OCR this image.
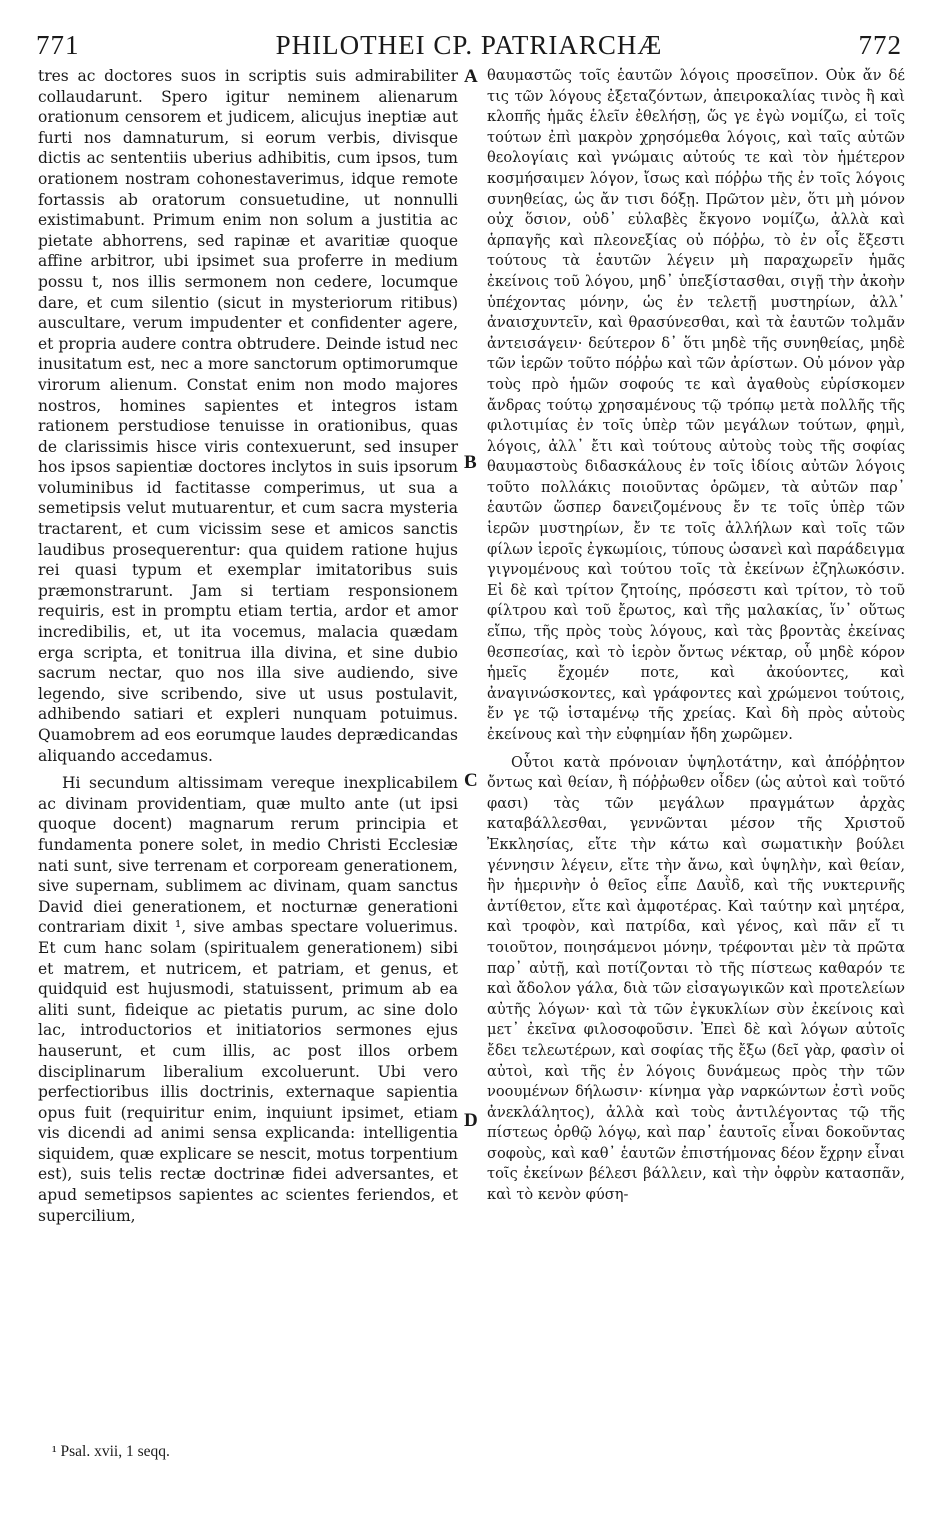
771	PHILOTHEI CP. PATRIARCHÆ	772

tres ac doctores suos in scriptis suis admirabiliter collaudarunt. Spero igitur neminem alienarum orationum censorem et judicem, alicujus ineptiæ aut furti nos damnaturum, si eorum verbis, divisque dictis ac sententiis uberius adhibitis, cum ipsos, tum orationem nostram cohonestaverimus, idque remote fortassis ab oratorum consuetudine, ut nonnulli existimabunt. Primum enim non solum a justitia ac pietate abhorrens, sed rapinæ et avaritiæ quoque affine arbitror, ubi ipsimet sua proferre in medium possu t, nos illis sermonem non cedere, locumque dare, et cum silentio (sicut in mysteriorum ritibus) auscultare, verum impudenter et confidenter agere, et propria audere contra obtrudere. Deinde istud nec inusitatum est, nec a more sanctorum optimorumque virorum alienum. Constat enim non modo majores nostros, homines sapientes et integros istam rationem perstudiose tenuisse in orationibus, quas de clarissimis hisce viris contexuerunt, sed insuper hos ipsos sapientiæ doctores inclytos in suis ipsorum voluminibus id factitasse comperimus, ut sua a semetipsis velut mutuarentur, et cum sacra mysteria tractarent, et cum vicissim sese et amicos sanctis laudibus prosequerentur: qua quidem ratione hujus rei quasi typum et exemplar imitatoribus suis præmonstrarunt. Jam si tertiam responsionem requiris, est in promptu etiam tertia, ardor et amor incredibilis, et, ut ita vocemus, malacia quædam erga scripta, et tonitrua illa divina, et sine dubio sacrum nectar, quo nos illa sive audiendo, sive legendo, sive scribendo, sive ut usus postulavit, adhibendo satiari et expleri nunquam potuimus. Quamobrem ad eos eorumque laudes deprædicandas aliquando accedamus.

Hi secundum altissimam vereque inexplicabilem ac divinam providentiam, quæ multo ante (ut ipsi quoque docent) magnarum rerum principia et fundamenta ponere solet, in medio Christi Ecclesiæ nati sunt, sive terrenam et corpoream generationem, sive supernam, sublimem ac divinam, quam sanctus David diei generationem, et nocturnæ generationi contrariam dixit ¹, sive ambas spectare voluerimus. Et cum hanc solam (spiritualem generationem) sibi et matrem, et nutricem, et patriam, et genus, et quidquid est hujusmodi, statuissent, primum ab ea aliti sunt, fideique ac pietatis purum, ac sine dolo lac, introductorios et initiatorios sermones ejus hauserunt, et cum illis, ac post illos orbem disciplinarum liberalium excoluerunt. Ubi vero perfectioribus illis doctrinis, externaque sapientia opus fuit (requiritur enim, inquiunt ipsimet, etiam vis dicendi ad animi sensa explicanda: intelligentia siquidem, quæ explicare se nescit, motus torpentium est), suis telis rectæ doctrinæ fidei adversantes, et apud semetipsos sapientes ac scientes feriendos, et supercilium,

A
B
C
D

θαυμαστῶς τοῖς ἑαυτῶν λόγοις προσεῖπον. Οὐκ ἄν δέ τις τῶν λόγους ἐξεταζόντων, ἀπειροκαλίας τινὸς ἢ καὶ κλοπῆς ἡμᾶς ἑλεῖν ἐθελήσῃ, ὥς γε ἐγὼ νομίζω, εἰ τοῖς τούτων ἐπὶ μακρὸν χρησόμεθα λόγοις, καὶ ταῖς αὐτῶν θεολογίαις καὶ γνώμαις αὐτούς τε καὶ τὸν ἡμέτερον κοσμήσαιμεν λόγον, ἴσως καὶ πόῤῥω τῆς ἐν τοῖς λόγοις συνηθείας, ὡς ἄν τισι δόξῃ. Πρῶτον μὲν, ὅτι μὴ μόνον οὐχ ὅσιον, οὐδ᾿ εὐλαβὲς ἔκγονο νομίζω, ἀλλὰ καὶ ἁρπαγῆς καὶ πλεονεξίας οὐ πόῤῥω, τὸ ἐν οἷς ἔξεστι τούτους τὰ ἑαυτῶν λέγειν μὴ παραχωρεῖν ἡμᾶς ἐκείνοις τοῦ λόγου, μηδ᾿ ὑπεξίστασθαι, σιγῇ τὴν ἀκοὴν ὑπέχοντας μόνην, ὡς ἐν τελετῇ μυστηρίων, ἀλλ᾿ ἀναισχυντεῖν, καὶ θρασύνεσθαι, καὶ τὰ ἑαυτῶν τολμᾶν ἀντεισάγειν· δεύτερον δ᾿ ὅτι μηδὲ τῆς συνηθείας, μηδὲ τῶν ἱερῶν τοῦτο πόῤῥω καὶ τῶν ἀρίστων. Οὐ μόνον γὰρ τοὺς πρὸ ἡμῶν σοφούς τε καὶ ἀγαθοὺς εὑρίσκομεν ἄνδρας τούτῳ χρησαμένους τῷ τρόπῳ μετὰ πολλῆς τῆς φιλοτιμίας ἐν τοῖς ὑπὲρ τῶν μεγάλων τούτων, φημὶ, λόγοις, ἀλλ᾿ ἔτι καὶ τούτους αὐτοὺς τοὺς τῆς σοφίας θαυμαστοὺς διδασκάλους ἐν τοῖς ἰδίοις αὐτῶν λόγοις τοῦτο πολλάκις ποιοῦντας ὁρῶμεν, τὰ αὐτῶν παρ᾿ ἑαυτῶν ὥσπερ δανειζομένους ἔν τε τοῖς ὑπὲρ τῶν ἱερῶν μυστηρίων, ἔν τε τοῖς ἀλλήλων καὶ τοῖς τῶν φίλων ἱεροῖς ἐγκωμίοις, τύπους ὡσανεὶ καὶ παράδειγμα γιγνομένους καὶ τούτου τοῖς τὰ ἐκείνων ἐζηλωκόσιν. Εἰ δὲ καὶ τρίτον ζητοίης, πρόσεστι καὶ τρίτον, τὸ τοῦ φίλτρου καὶ τοῦ ἔρωτος, καὶ τῆς μαλακίας, ἵν᾿ οὕτως εἴπω, τῆς πρὸς τοὺς λόγους, καὶ τὰς βροντὰς ἐκείνας θεσπεσίας, καὶ τὸ ἱερὸν ὄντως νέκταρ, οὗ μηδὲ κόρον ἡμεῖς ἔχομέν ποτε, καὶ ἀκούοντες, καὶ ἀναγινώσκοντες, καὶ γράφοντες καὶ χρώμενοι τούτοις, ἔν γε τῷ ἱσταμένῳ τῆς χρείας. Καὶ δὴ πρὸς αὐτοὺς ἐκείνους καὶ τὴν εὐφημίαν ἤδη χωρῶμεν.

Οὗτοι κατὰ πρόνοιαν ὑψηλοτάτην, καὶ ἀπόῤῥητον ὄντως καὶ θείαν, ἣ πόῤῥωθεν οἶδεν (ὡς αὐτοὶ καὶ τοῦτό φασι) τὰς τῶν μεγάλων πραγμάτων ἀρχὰς καταβάλλεσθαι, γεννῶνται μέσον τῆς Χριστοῦ Ἐκκλησίας, εἴτε τὴν κάτω καὶ σωματικὴν βούλει γέννησιν λέγειν, εἴτε τὴν ἄνω, καὶ ὑψηλὴν, καὶ θείαν, ἣν ἡμερινὴν ὁ θεῖος εἶπε Δαυῒδ, καὶ τῆς νυκτερινῆς ἀντίθετον, εἴτε καὶ ἀμφοτέρας. Καὶ ταύτην καὶ μητέρα, καὶ τροφὸν, καὶ πατρίδα, καὶ γένος, καὶ πᾶν εἴ τι τοιοῦτον, ποιησάμενοι μόνην, τρέφονται μὲν τὰ πρῶτα παρ᾿ αὐτῇ, καὶ ποτίζονται τὸ τῆς πίστεως καθαρόν τε καὶ ἄδολον γάλα, διὰ τῶν εἰσαγωγικῶν καὶ προτελείων αὐτῆς λόγων· καὶ τὰ τῶν ἐγκυκλίων σὺν ἐκείνοις καὶ μετ᾿ ἐκεῖνα φιλοσοφοῦσιν. Ἐπεὶ δὲ καὶ λόγων αὐτοῖς ἔδει τελεωτέρων, καὶ σοφίας τῆς ἔξω (δεῖ γὰρ, φασὶν οἱ αὐτοὶ, καὶ τῆς ἐν λόγοις δυνάμεως πρὸς τὴν τῶν νοουμένων δήλωσιν· κίνημα γὰρ ναρκώντων ἐστὶ νοῦς ἀνεκλάλητος), ἀλλὰ καὶ τοὺς ἀντιλέγοντας τῷ τῆς πίστεως ὀρθῷ λόγῳ, καὶ παρ᾿ ἑαυτοῖς εἶναι δοκοῦντας σοφοὺς, καὶ καθ᾿ ἑαυτῶν ἐπιστήμονας δέον ἔχρην εἶναι τοῖς ἐκείνων βέλεσι βάλλειν, καὶ τὴν ὀφρὺν κατασπᾶν, καὶ τὸ κενὸν φύση-

¹ Psal. xvii, 1 seqq.
